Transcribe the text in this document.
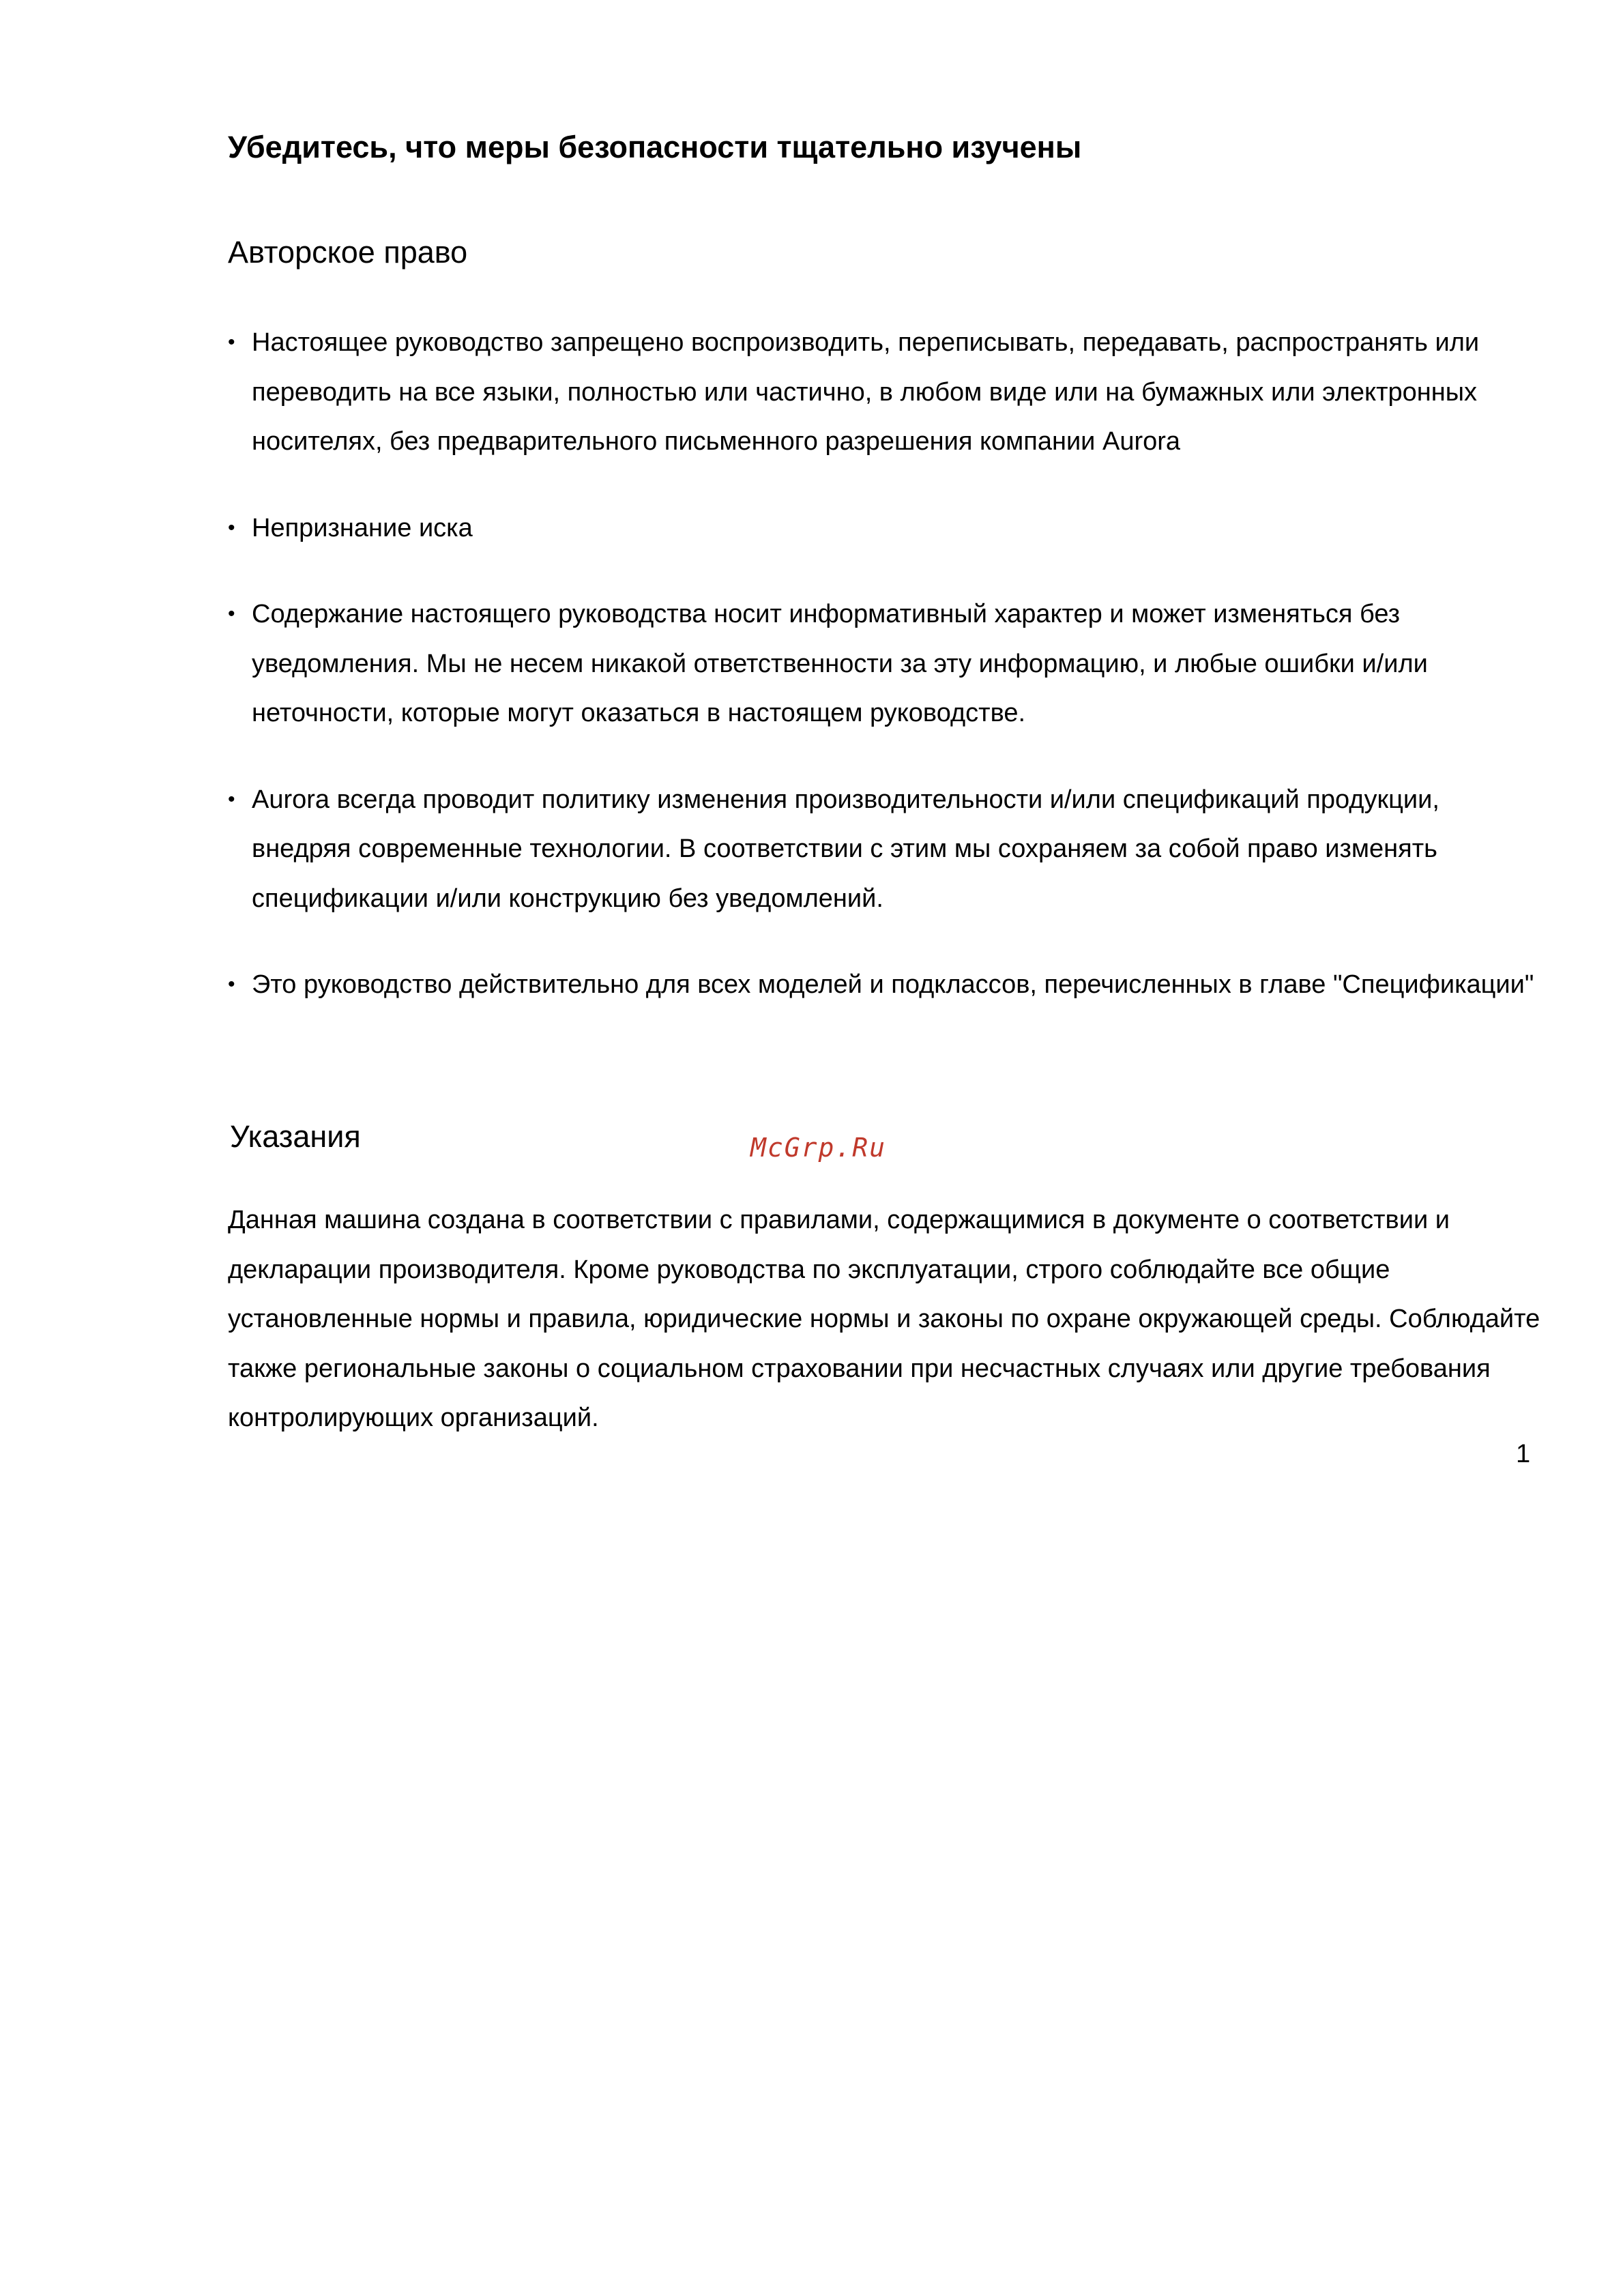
Убедитесь, что меры безопасности тщательно изучены
Авторское право
• Настоящее руководство запрещено воспроизводить, переписывать, передавать, распространять или переводить на все языки, полностью или частично, в любом виде или на бумажных или электронных носителях, без предварительного письменного разрешения компании Aurora
• Непризнание иска
• Содержание настоящего руководства носит информативный характер и может изменяться без уведомления. Мы не несем никакой ответственности за эту информацию, и любые ошибки и/или неточности, которые могут оказаться в настоящем руководстве.
• Aurora всегда проводит политику изменения производительности и/или спецификаций продукции, внедряя современные технологии. В соответствии с этим мы сохраняем за собой право изменять спецификации и/или конструкцию без уведомлений.
• Это руководство действительно для всех моделей и подклассов, перечисленных в главе "Спецификации"
Указания	McGrp.Ru

Данная машина создана в соответствии с правилами, содержащимися в документе о соответствии и декларации производителя. Кроме руководства по эксплуатации, строго соблюдайте все общие установленные нормы и правила, юридические нормы и законы по охране окружающей среды. Соблюдайте также региональные законы о социальном страховании при несчастных случаях или другие требования контролирующих организаций.

1
